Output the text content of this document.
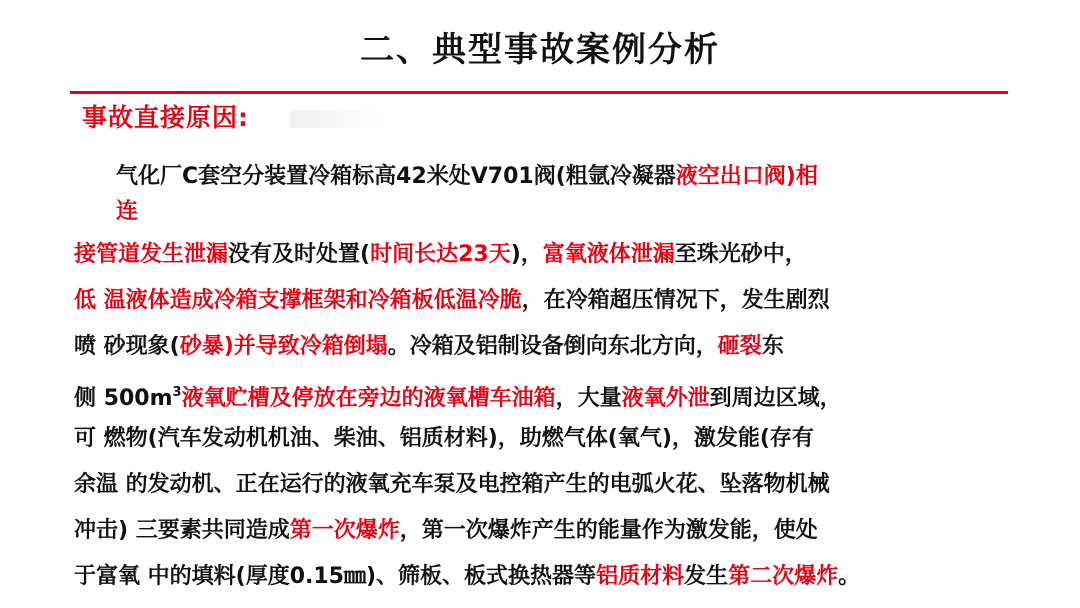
二、典型事故案例分析
事故直接原因:
气化厂C套空分装置冷箱标高42米处V701阀(粗氩冷凝器液空出口阀)相
连
接管道发生泄漏没有及时处置(时间长达23天)，富氧液体泄漏至珠光砂中，
低 温液体造成冷箱支撑框架和冷箱板低温冷脆，在冷箱超压情况下，发生剧烈
喷 砂现象(砂暴)并导致冷箱倒塌。冷箱及铝制设备倒向东北方向，砸裂东
侧 $500m^3$液氧贮槽及停放在旁边的液氧槽车油箱，大量液氧外泄到周边区域，
可 燃物(汽车发动机机油、柴油、铝质材料)，助燃气体(氧气)，激发能(存有
余温 的发动机、正在运行的液氧充车泵及电控箱产生的电弧火花、坠落物机械
冲击) 三要素共同造成第一次爆炸，第一次爆炸产生的能量作为激发能，使处
于富氧 中的填料(厚度0.15㎜)、筛板、板式换热器等铝质材料发生第二次爆炸。
